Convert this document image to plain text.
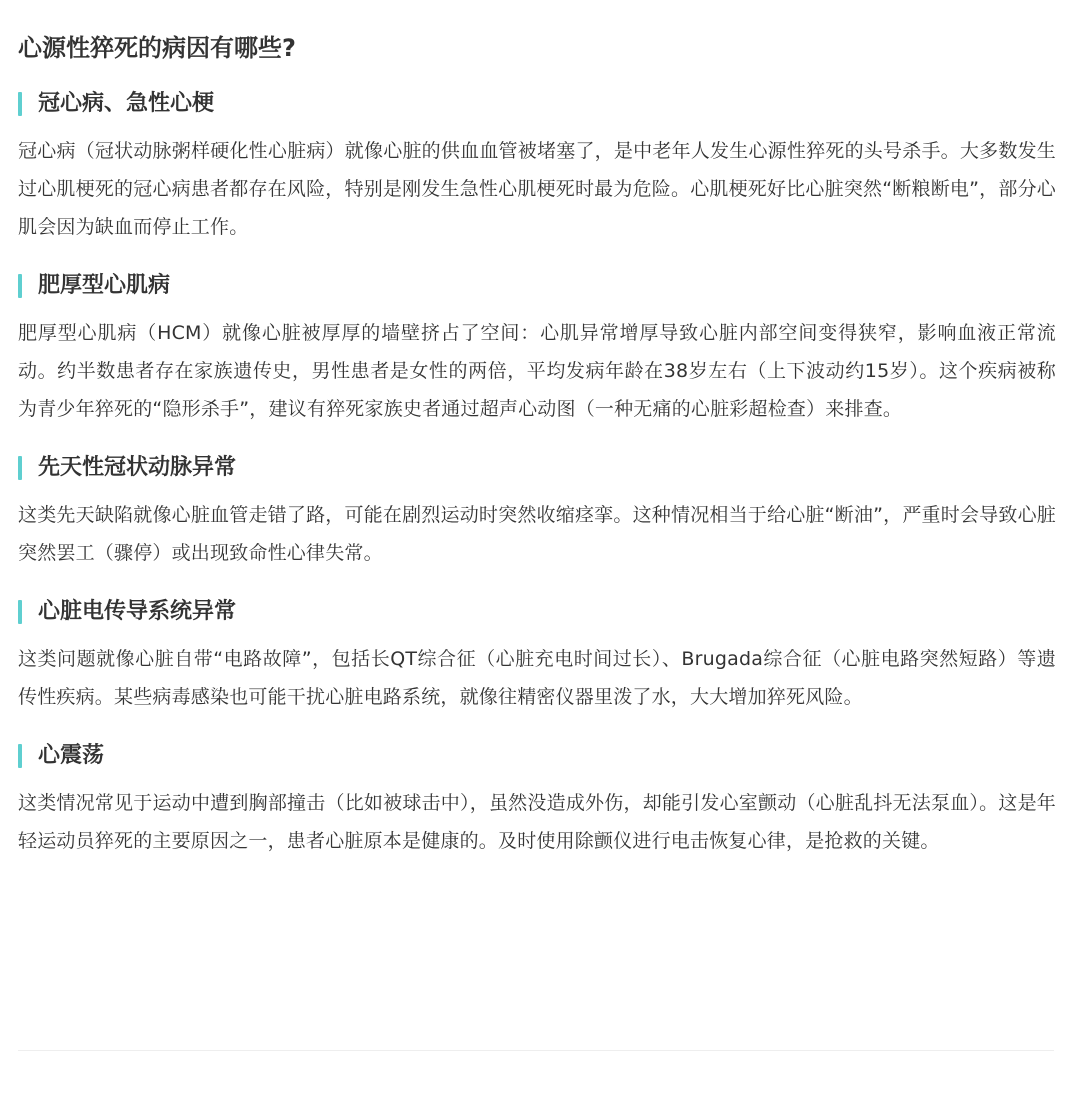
心源性猝死的病因有哪些?
冠心病、急性心梗

冠心病（冠状动脉粥样硬化性心脏病）就像心脏的供血血管被堵塞了，是中老年人发生心源性猝死的头号杀手。大多数发生过心肌梗死的冠心病患者都存在风险，特别是刚发生急性心肌梗死时最为危险。心肌梗死好比心脏突然“断粮断电”，部分心肌会因为缺血而停止工作。

肥厚型心肌病

肥厚型心肌病（HCM）就像心脏被厚厚的墙壁挤占了空间：心肌异常增厚导致心脏内部空间变得狭窄，影响血液正常流动。约半数患者存在家族遗传史，男性患者是女性的两倍，平均发病年龄在38岁左右（上下波动约15岁）。这个疾病被称为青少年猝死的“隐形杀手”，建议有猝死家族史者通过超声心动图（一种无痛的心脏彩超检查）来排查。

先天性冠状动脉异常

这类先天缺陷就像心脏血管走错了路，可能在剧烈运动时突然收缩痉挛。这种情况相当于给心脏“断油”，严重时会导致心脏突然罢工（骤停）或出现致命性心律失常。

心脏电传导系统异常

这类问题就像心脏自带“电路故障”，包括长QT综合征（心脏充电时间过长）、Brugada综合征（心脏电路突然短路）等遗传性疾病。某些病毒感染也可能干扰心脏电路系统，就像往精密仪器里泼了水，大大增加猝死风险。

心震荡

这类情况常见于运动中遭到胸部撞击（比如被球击中），虽然没造成外伤，却能引发心室颤动（心脏乱抖无法泵血）。这是年轻运动员猝死的主要原因之一，患者心脏原本是健康的。及时使用除颤仪进行电击恢复心律，是抢救的关键。
